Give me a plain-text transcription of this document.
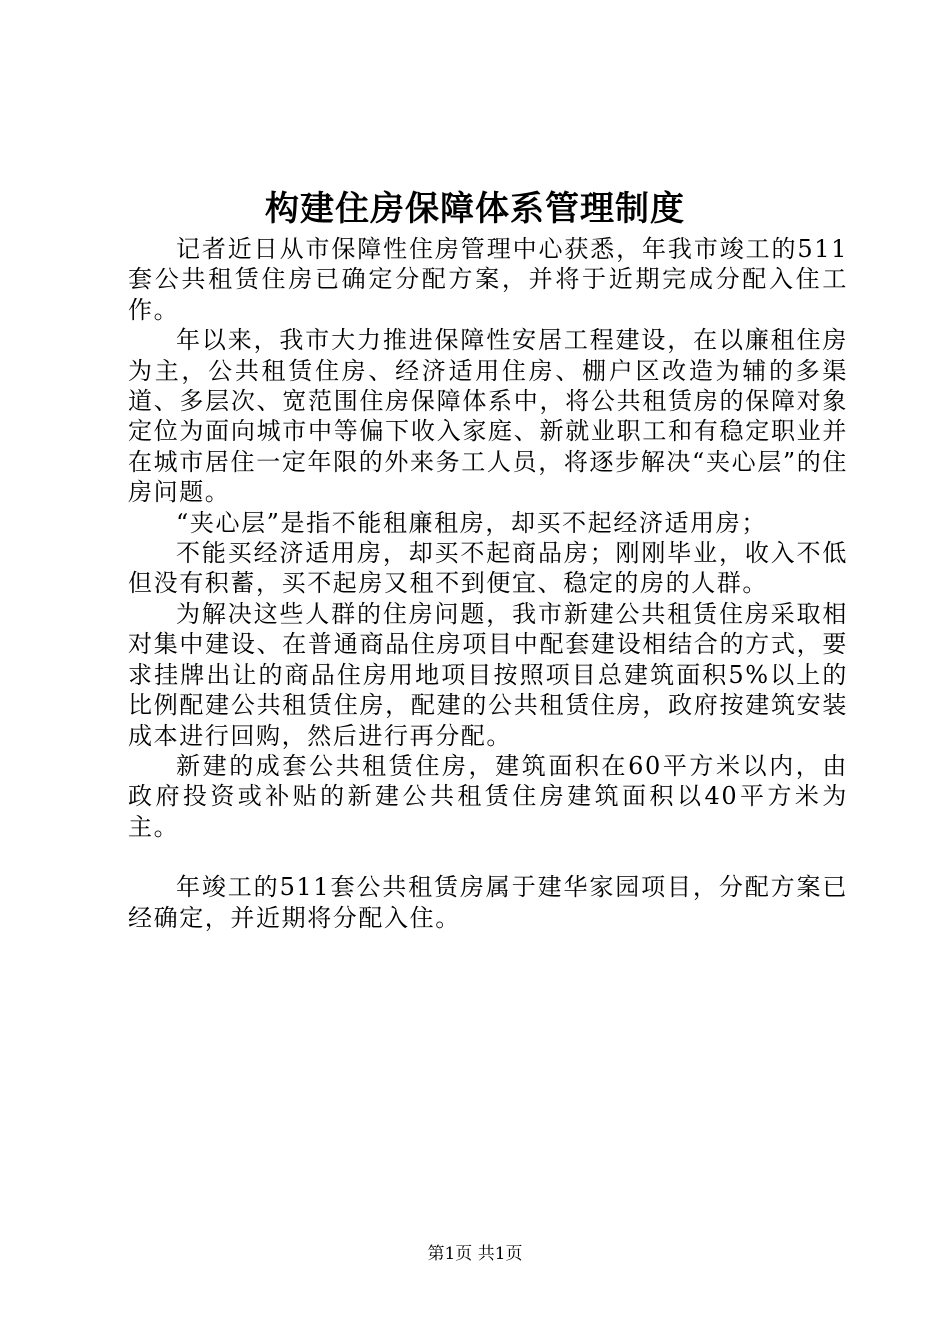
构建住房保障体系管理制度

记者近日从市保障性住房管理中心获悉，年我市竣工的511套公共租赁住房已确定分配方案，并将于近期完成分配入住工作。

年以来，我市大力推进保障性安居工程建设，在以廉租住房为主，公共租赁住房、经济适用住房、棚户区改造为辅的多渠道、多层次、宽范围住房保障体系中，将公共租赁房的保障对象定位为面向城市中等偏下收入家庭、新就业职工和有稳定职业并在城市居住一定年限的外来务工人员，将逐步解决“夹心层”的住房问题。

“夹心层”是指不能租廉租房，却买不起经济适用房；

不能买经济适用房，却买不起商品房；刚刚毕业，收入不低但没有积蓄，买不起房又租不到便宜、稳定的房的人群。

为解决这些人群的住房问题，我市新建公共租赁住房采取相对集中建设、在普通商品住房项目中配套建设相结合的方式，要求挂牌出让的商品住房用地项目按照项目总建筑面积5%以上的比例配建公共租赁住房，配建的公共租赁住房，政府按建筑安装成本进行回购，然后进行再分配。

新建的成套公共租赁住房，建筑面积在60平方米以内，由政府投资或补贴的新建公共租赁住房建筑面积以40平方米为主。

年竣工的511套公共租赁房属于建华家园项目，分配方案已经确定，并近期将分配入住。

第1页 共1页
